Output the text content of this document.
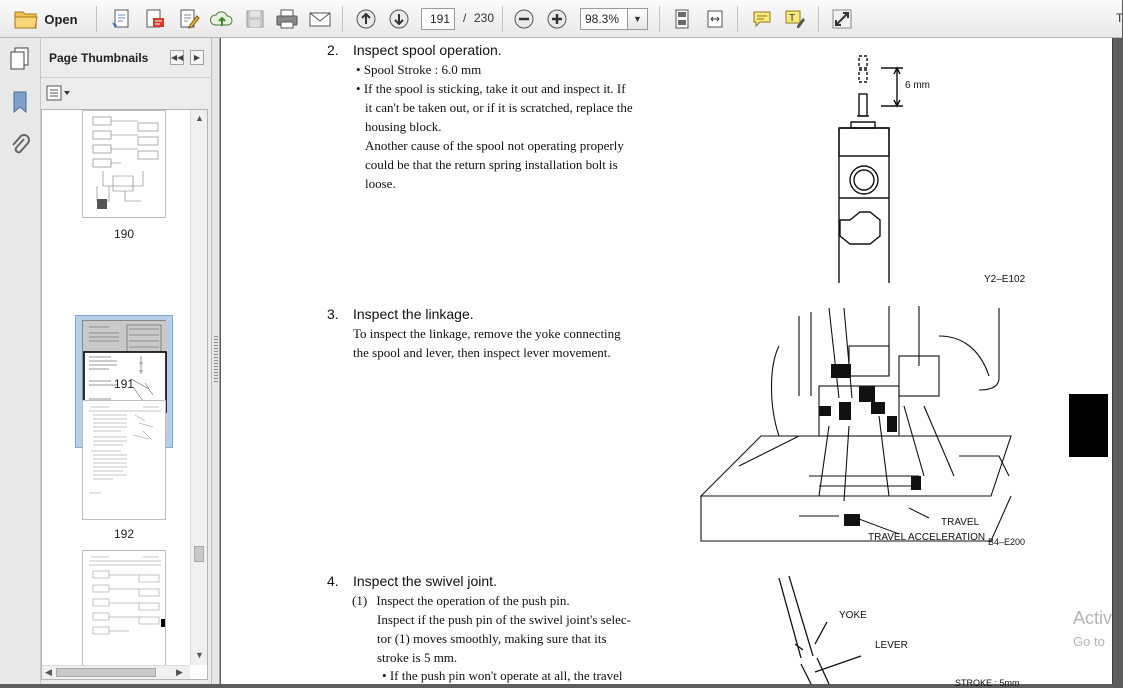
Open	191	/ 230	98.3%	▼	T	T
Page Thumbnails	◀◀	▶
190
191
192
▲
▼
◀	▶
2. Inspect spool operation.
• Spool Stroke : 6.0 mm
• If the spool is sticking, take it out and inspect it. If
it can't be taken out, or if it is scratched, replace the
housing block.
Another cause of the spool not operating properly
could be that the return spring installation bolt is
loose.
6 mm
Y2–E102
3. Inspect the linkage.
To inspect the linkage, remove the yoke connecting
the spool and lever, then inspect lever movement.
TRAVEL
TRAVEL ACCELERATION B4–E200
4. Inspect the swivel joint.
(1) Inspect the operation of the push pin.
Inspect if the push pin of the swivel joint's selec-
tor (1) moves smoothly, making sure that its
stroke is 5 mm.
• If the push pin won't operate at all, the travel
YOKE
LEVER
STROKE : 5mm
Activ
Go to
